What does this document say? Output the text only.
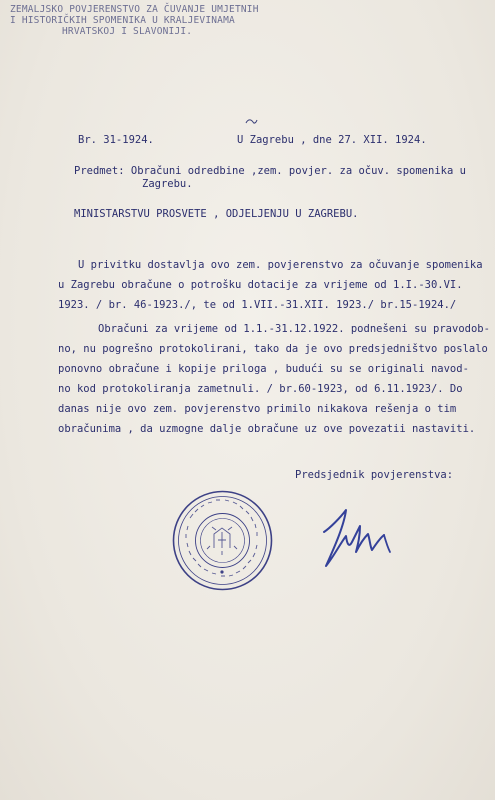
ZEMALJSKO POVJERENSTVO ZA ČUVANJE UMJETNIH
I HISTORIČKIH SPOMENIKA U KRALJEVINAMA
HRVATSKOJ I SLAVONIJI.
Br. 31-1924.	U Zagrebu , dne 27. XII. 1924.
Predmet: Obračuni odredbine ,zem. povjer. za očuv. spomenika u
Zagrebu.
MINISTARSTVU PROSVETE , ODJELJENJU U ZAGREBU.
U privitku dostavlja ovo zem. povjerenstvo za očuvanje spomenika
u Zagrebu obračune o potrošku dotacije za vrijeme od 1.I.-30.VI.
1923. / br. 46-1923./, te od 1.VII.-31.XII. 1923./ br.15-1924./
Obračuni za vrijeme od 1.1.-31.12.1922. podnešeni su pravodob-
no, nu pogrešno protokolirani, tako da je ovo predsjedništvo poslalo
ponovno obračune i kopije priloga , budući su se originali navod-
no kod protokoliranja zametnuli. / br.60-1923, od 6.11.1923/. Do
danas nije ovo zem. povjerenstvo primilo nikakova rešenja o tim
obračunima , da uzmogne dalje obračune uz ove povezatii nastaviti.
Predsjednik povjerenstva:
